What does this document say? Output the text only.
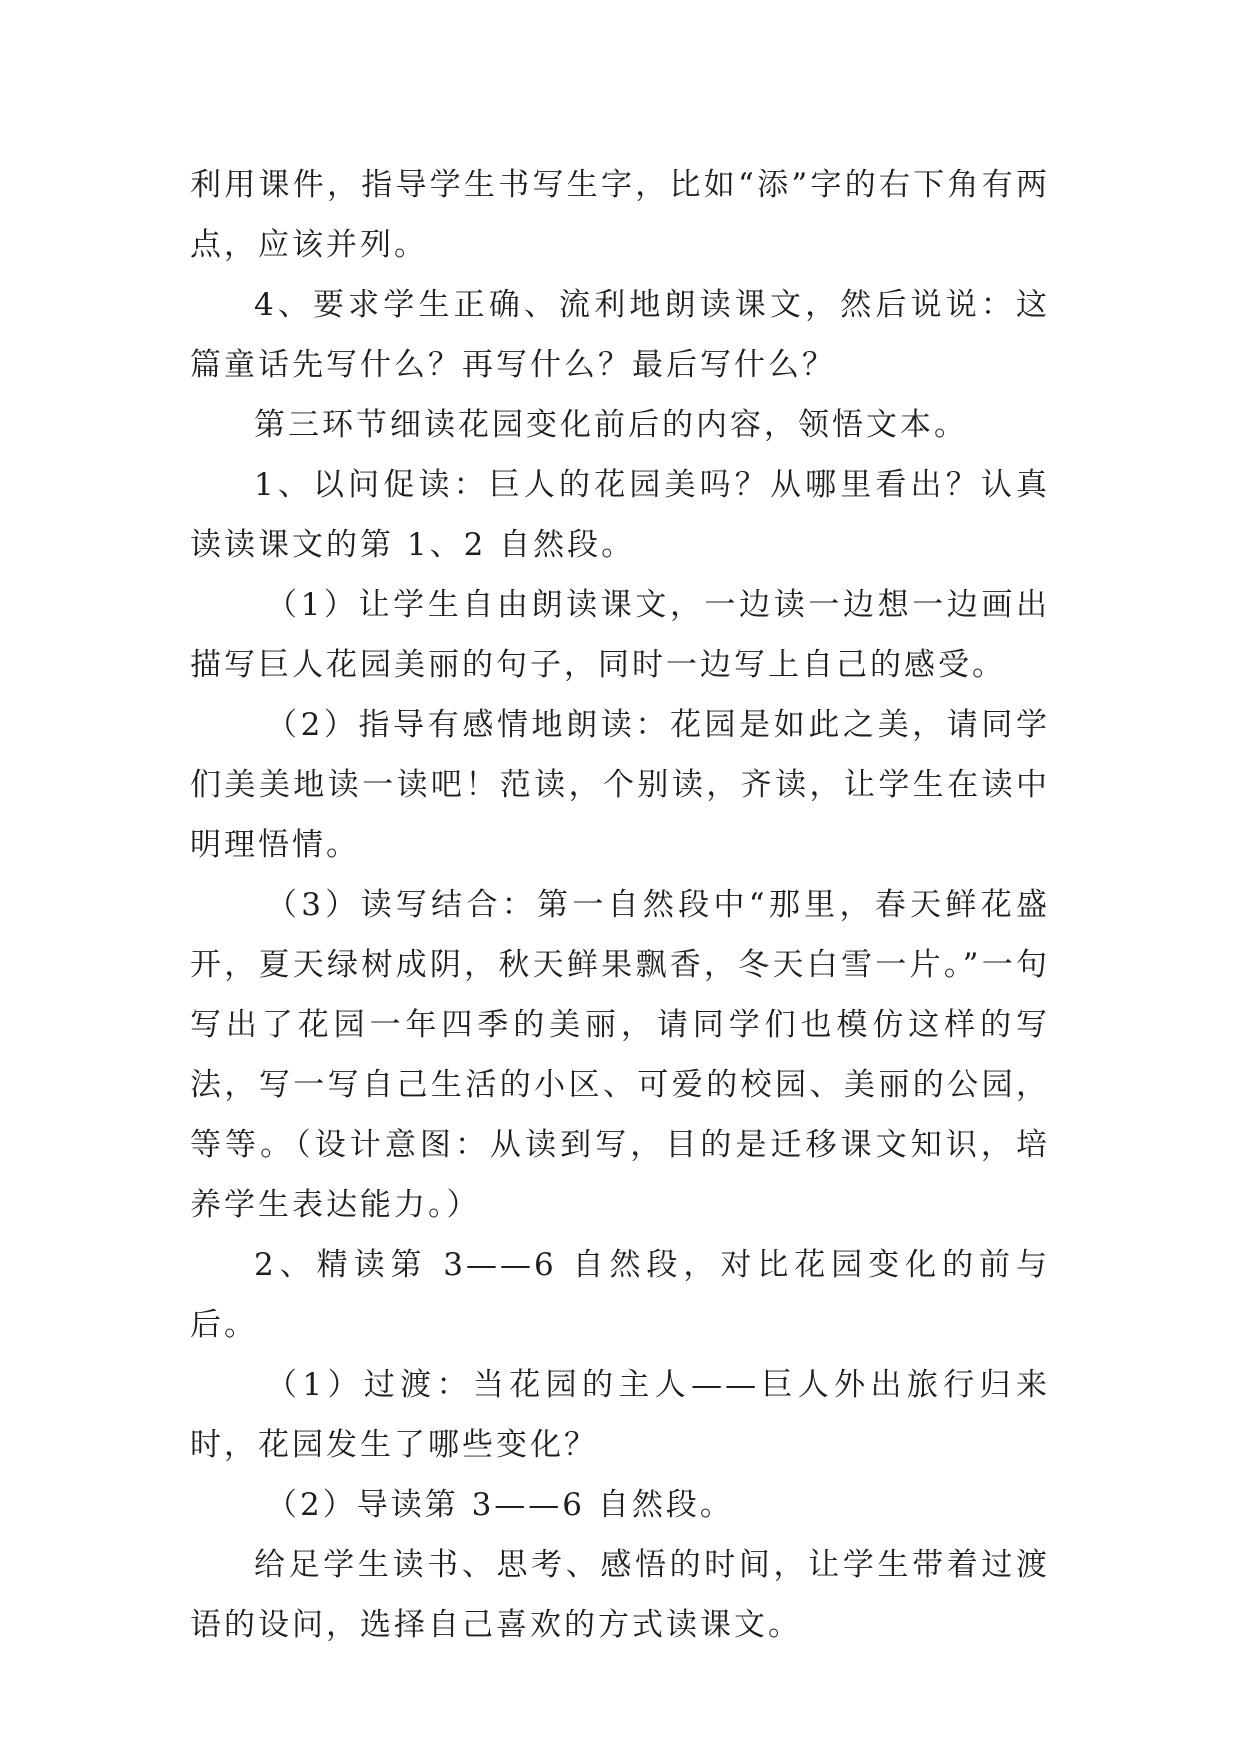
利用课件，指导学生书写生字，比如“添”字的右下角有两点，应该并列。

4、要求学生正确、流利地朗读课文，然后说说：这篇童话先写什么？再写什么？最后写什么？

第三环节细读花园变化前后的内容，领悟文本。

1、以问促读：巨人的花园美吗？从哪里看出？认真读读课文的第 1、2 自然段。

（1）让学生自由朗读课文，一边读一边想一边画出描写巨人花园美丽的句子，同时一边写上自己的感受。

（2）指导有感情地朗读：花园是如此之美，请同学们美美地读一读吧！范读，个别读，齐读，让学生在读中明理悟情。

（3）读写结合：第一自然段中“那里，春天鲜花盛开，夏天绿树成阴，秋天鲜果飘香，冬天白雪一片。”一句写出了花园一年四季的美丽，请同学们也模仿这样的写法，写一写自己生活的小区、可爱的校园、美丽的公园，等等。（设计意图：从读到写，目的是迁移课文知识，培养学生表达能力。）

2、精读第 3——6 自然段，对比花园变化的前与后。

（1）过渡：当花园的主人——巨人外出旅行归来时，花园发生了哪些变化？

（2）导读第 3——6 自然段。

给足学生读书、思考、感悟的时间，让学生带着过渡语的设问，选择自己喜欢的方式读课文。
